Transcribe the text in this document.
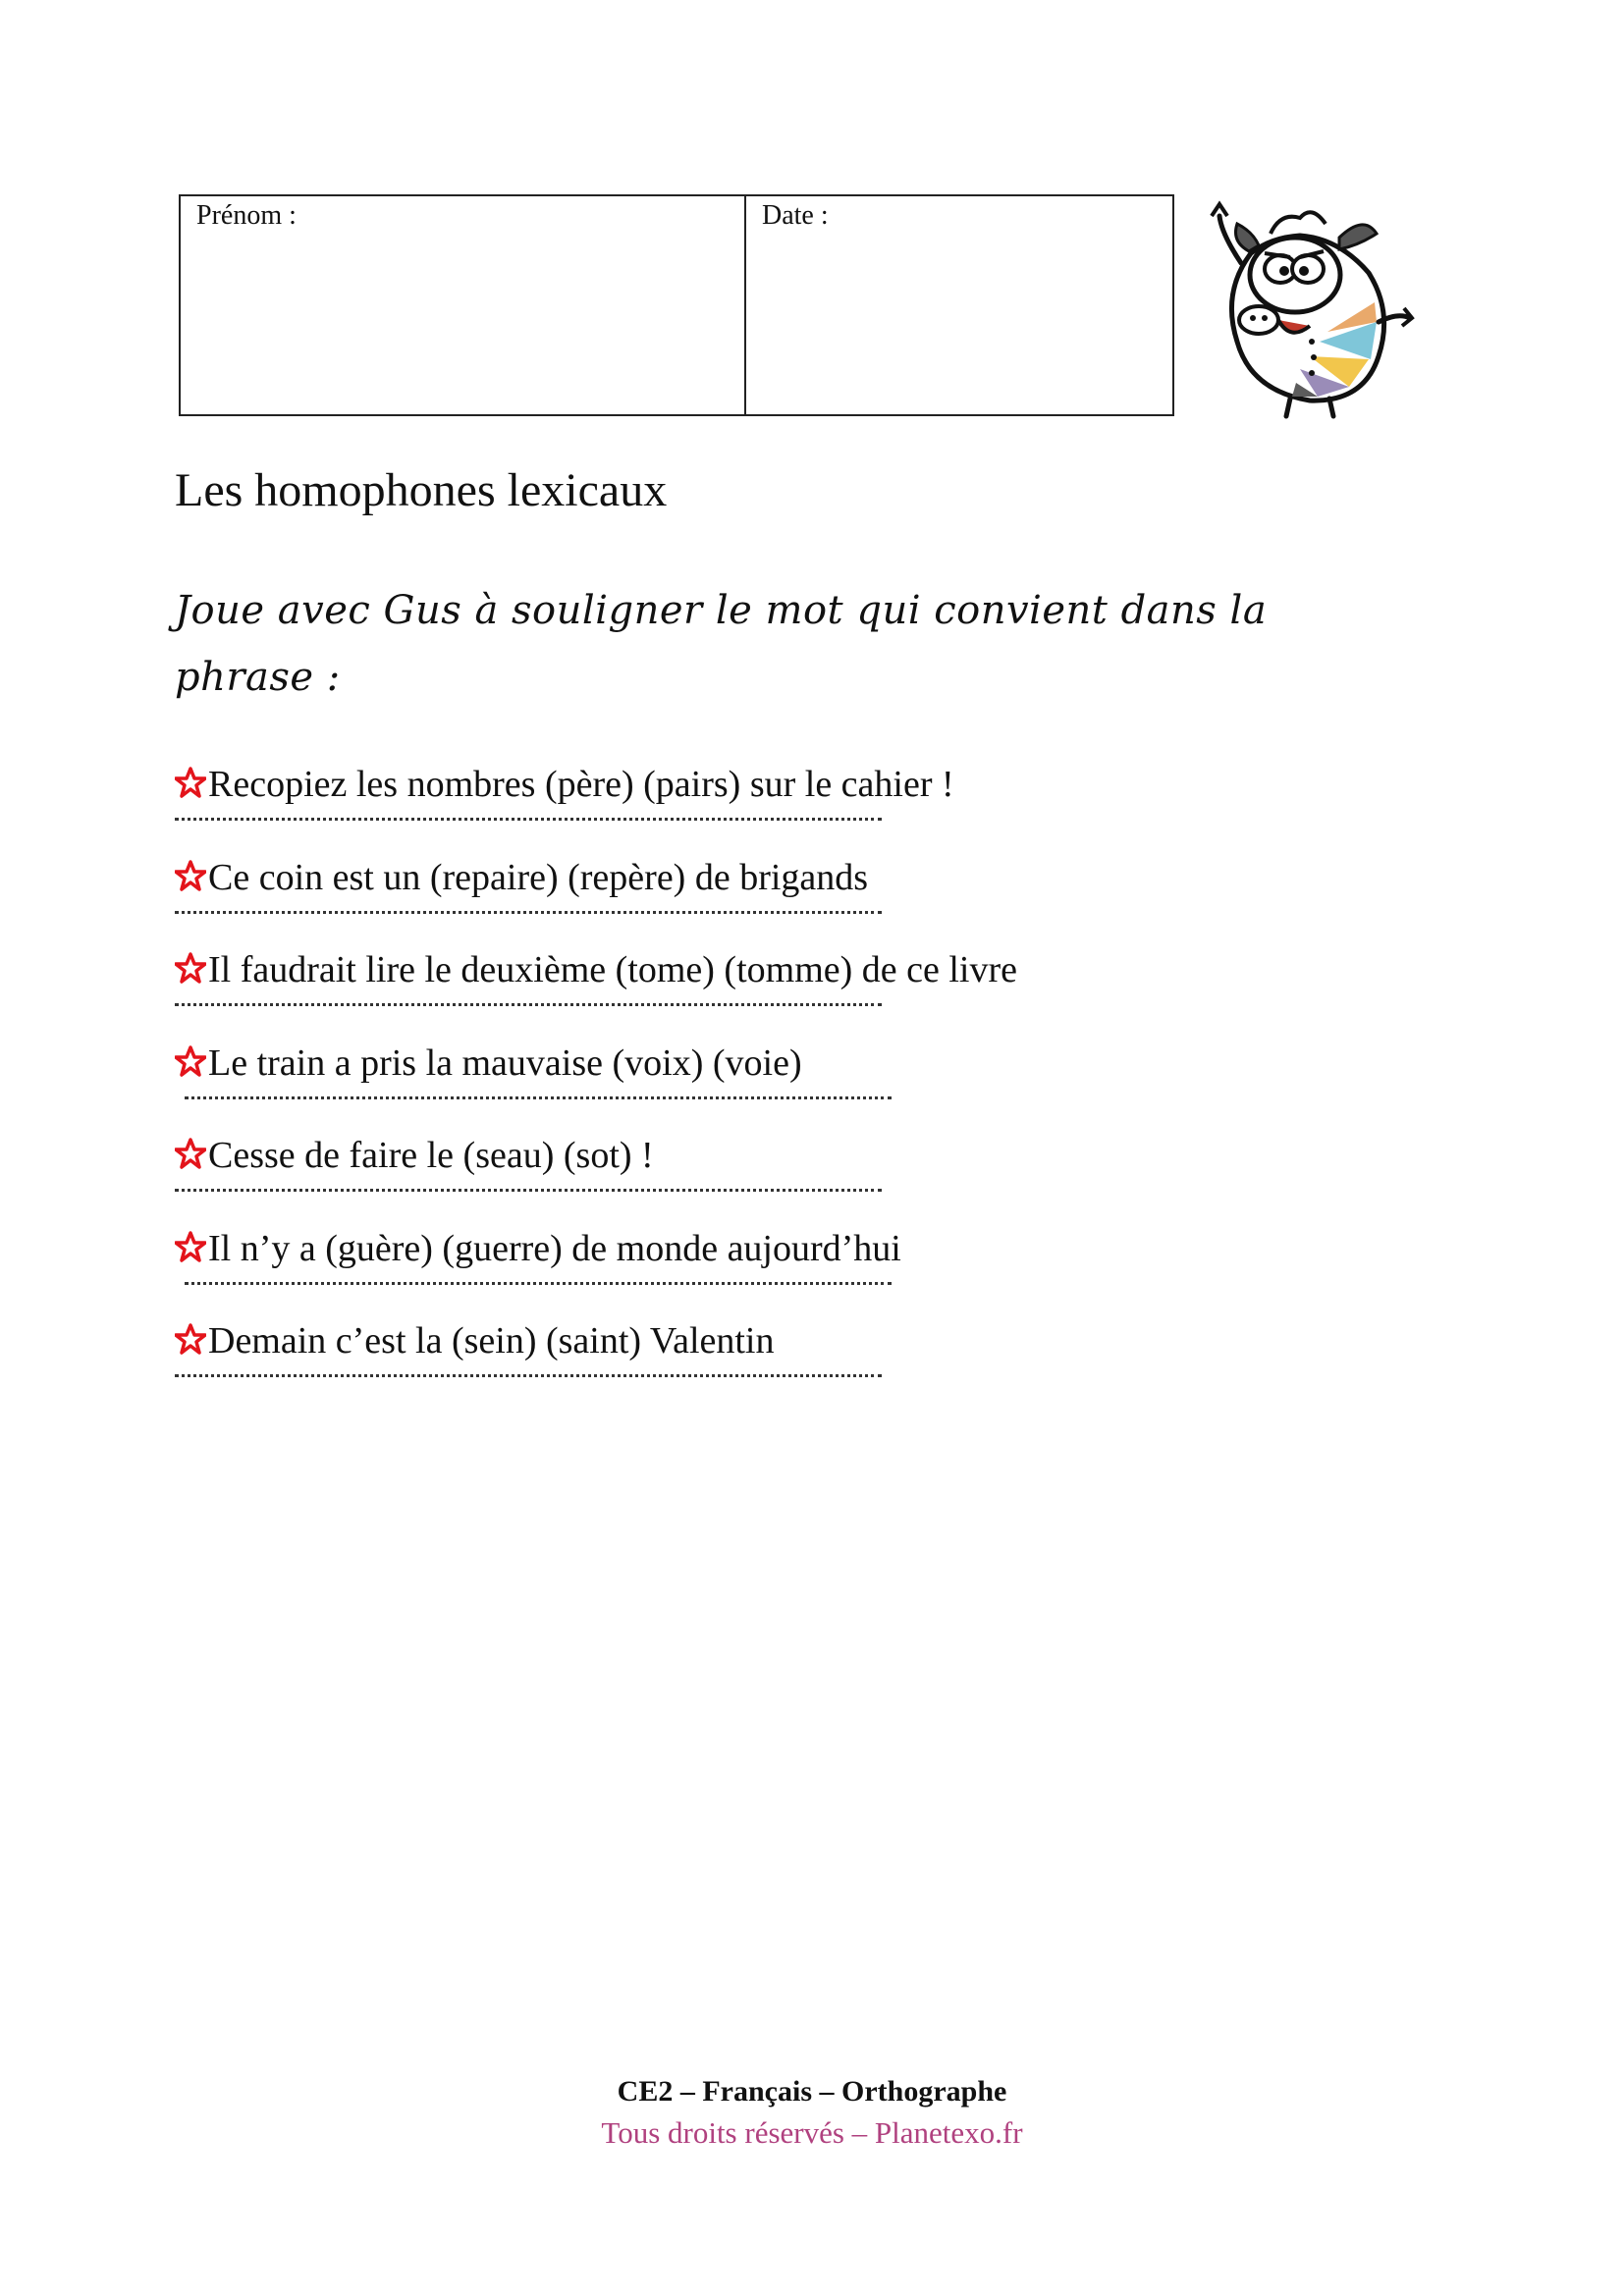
Prénom :	Date :
Les homophones lexicaux

Joue avec Gus à souligner le mot qui convient dans la phrase :

Recopiez les nombres (père) (pairs) sur le cahier !
Ce coin est un (repaire) (repère) de brigands
Il faudrait lire le deuxième (tome) (tomme) de ce livre
Le train a pris la mauvaise (voix) (voie)
Cesse de faire le (seau) (sot) !
Il n’y a (guère) (guerre) de monde aujourd’hui
Demain c’est la (sein) (saint) Valentin
CE2 – Français – Orthographe
Tous droits réservés – Planetexo.fr
